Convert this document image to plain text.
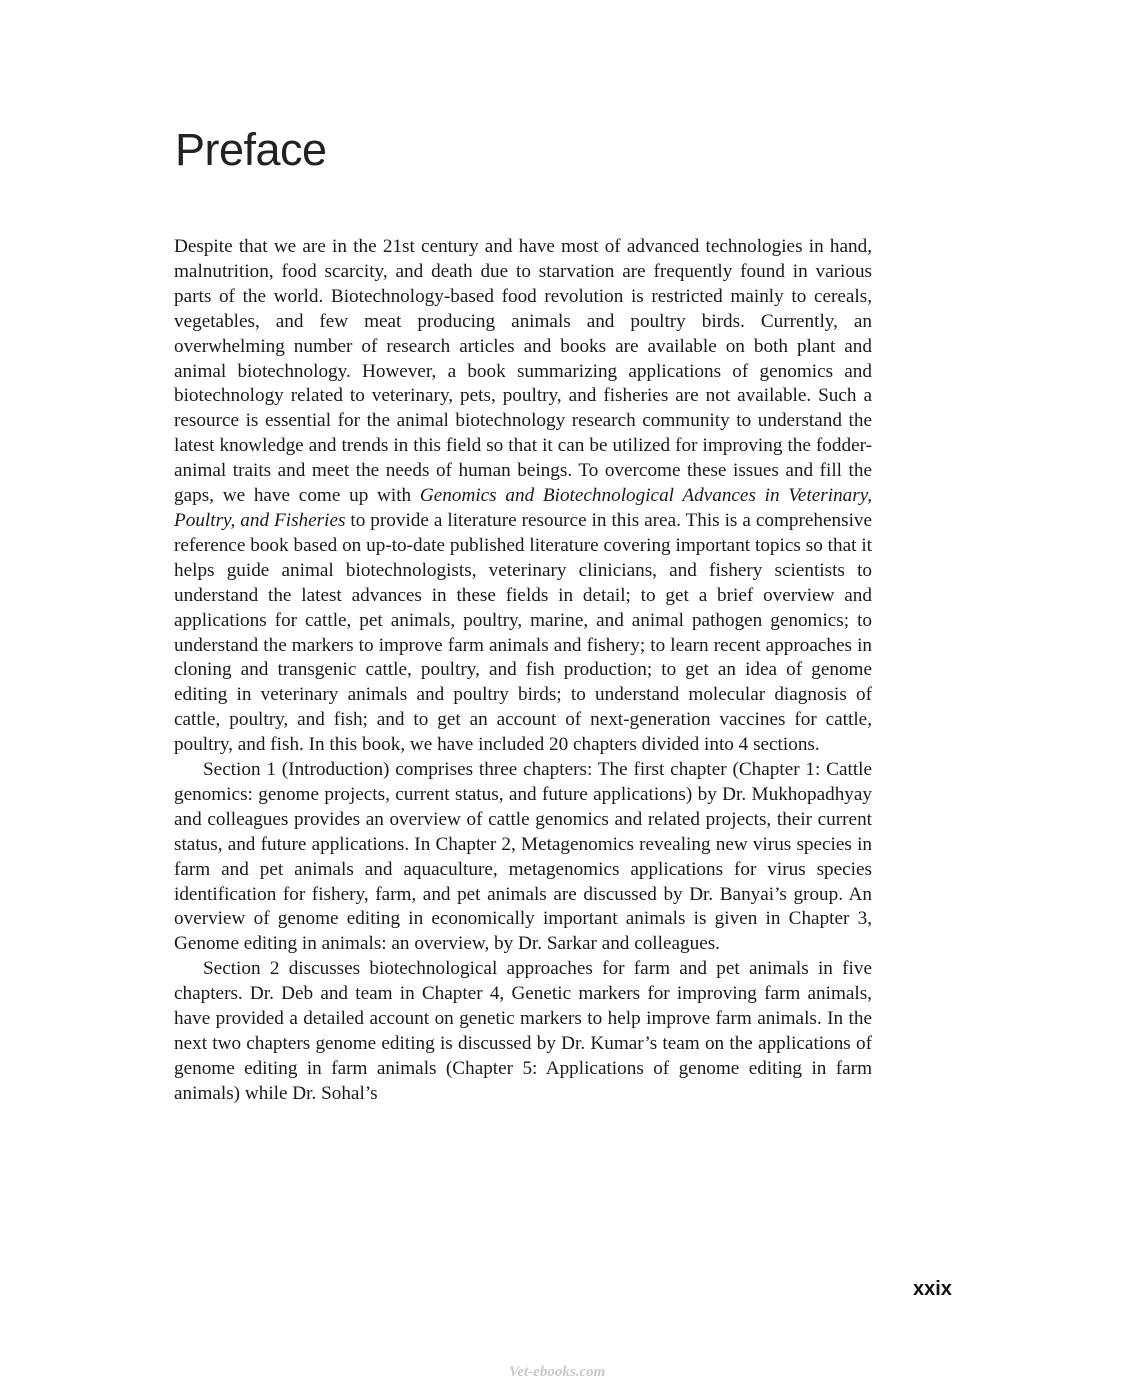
Preface

Despite that we are in the 21st century and have most of advanced technologies in hand, malnutrition, food scarcity, and death due to starvation are frequently found in various parts of the world. Biotechnology-based food revolution is restricted mainly to cereals, vegetables, and few meat producing animals and poultry birds. Currently, an overwhelming number of research articles and books are available on both plant and animal biotechnology. However, a book summarizing applications of genomics and biotechnology related to veterinary, pets, poultry, and fisheries are not available. Such a resource is essential for the animal biotechnology research community to understand the latest knowledge and trends in this field so that it can be utilized for improving the fodder-animal traits and meet the needs of human beings. To overcome these issues and fill the gaps, we have come up with Genomics and Biotechnological Advances in Veterinary, Poultry, and Fisheries to provide a literature resource in this area. This is a comprehensive reference book based on up-to-date published literature covering important topics so that it helps guide animal biotechnologists, veterinary clinicians, and fishery scientists to understand the latest advances in these fields in detail; to get a brief overview and applications for cattle, pet animals, poultry, marine, and animal pathogen genomics; to understand the markers to improve farm animals and fishery; to learn recent approaches in cloning and transgenic cattle, poultry, and fish production; to get an idea of genome editing in veterinary animals and poultry birds; to understand molecular diagnosis of cattle, poultry, and fish; and to get an account of next-generation vaccines for cattle, poultry, and fish. In this book, we have included 20 chapters divided into 4 sections.

Section 1 (Introduction) comprises three chapters: The first chapter (Chapter 1: Cattle genomics: genome projects, current status, and future applications) by Dr. Mukhopadhyay and colleagues provides an overview of cattle genomics and related projects, their current status, and future applications. In Chapter 2, Metagenomics revealing new virus species in farm and pet animals and aquaculture, metagenomics applications for virus species identification for fishery, farm, and pet animals are discussed by Dr. Banyai’s group. An overview of genome editing in economically important animals is given in Chapter 3, Genome editing in animals: an overview, by Dr. Sarkar and colleagues.

Section 2 discusses biotechnological approaches for farm and pet animals in five chapters. Dr. Deb and team in Chapter 4, Genetic markers for improving farm animals, have provided a detailed account on genetic markers to help improve farm animals. In the next two chapters genome editing is discussed by Dr. Kumar’s team on the applications of genome editing in farm animals (Chapter 5: Applications of genome editing in farm animals) while Dr. Sohal’s

xxix
Vet-ebooks.com
